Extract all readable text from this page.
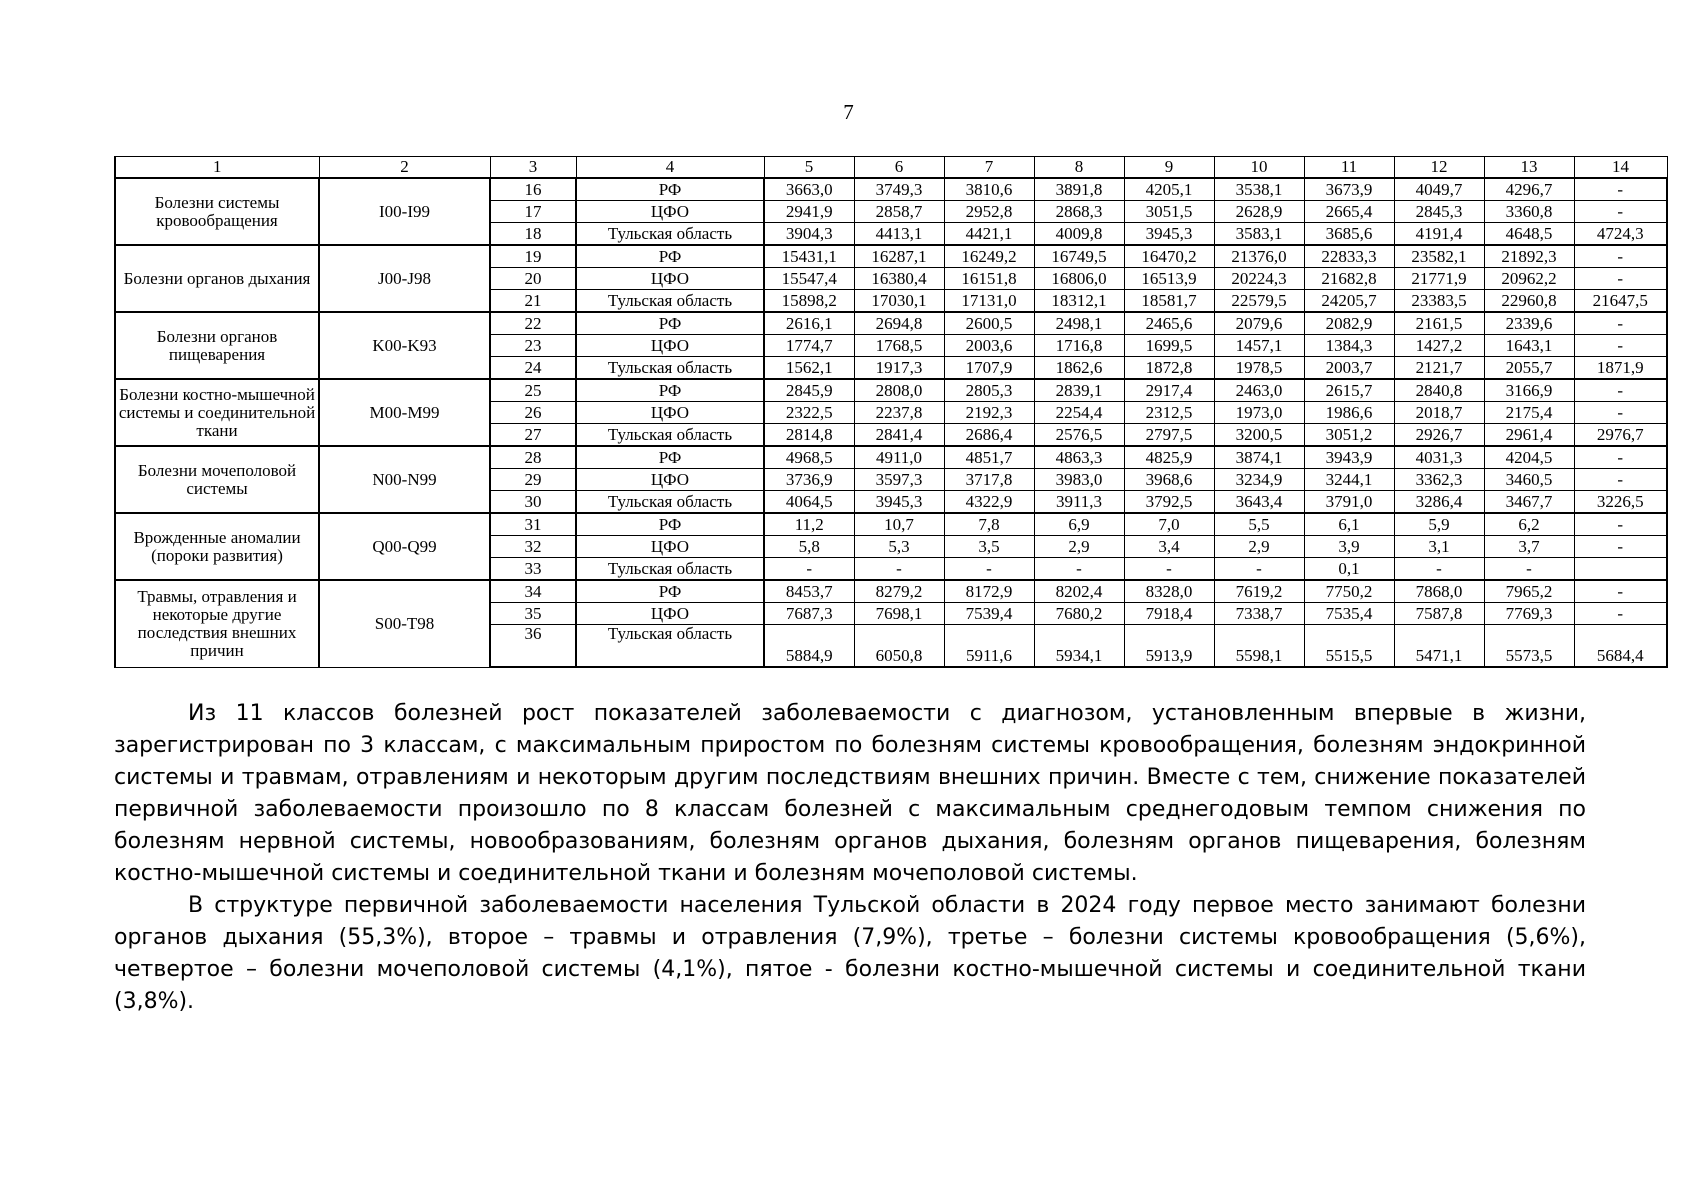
7
1	2	3	4	5	6	7	8	9	10	11	12	13	14
Болезни системы кровообращения	I00-I99	16	РФ	3663,0	3749,3	3810,6	3891,8	4205,1	3538,1	3673,9	4049,7	4296,7	-
		17	ЦФО	2941,9	2858,7	2952,8	2868,3	3051,5	2628,9	2665,4	2845,3	3360,8	-
		18	Тульская область	3904,3	4413,1	4421,1	4009,8	3945,3	3583,1	3685,6	4191,4	4648,5	4724,3
Болезни органов дыхания	J00-J98	19	РФ	15431,1	16287,1	16249,2	16749,5	16470,2	21376,0	22833,3	23582,1	21892,3	-
		20	ЦФО	15547,4	16380,4	16151,8	16806,0	16513,9	20224,3	21682,8	21771,9	20962,2	-
		21	Тульская область	15898,2	17030,1	17131,0	18312,1	18581,7	22579,5	24205,7	23383,5	22960,8	21647,5
Болезни органов пищеварения	K00-K93	22	РФ	2616,1	2694,8	2600,5	2498,1	2465,6	2079,6	2082,9	2161,5	2339,6	-
		23	ЦФО	1774,7	1768,5	2003,6	1716,8	1699,5	1457,1	1384,3	1427,2	1643,1	-
		24	Тульская область	1562,1	1917,3	1707,9	1862,6	1872,8	1978,5	2003,7	2121,7	2055,7	1871,9
Болезни костно-мышечной системы и соединительной ткани	M00-M99	25	РФ	2845,9	2808,0	2805,3	2839,1	2917,4	2463,0	2615,7	2840,8	3166,9	-
		26	ЦФО	2322,5	2237,8	2192,3	2254,4	2312,5	1973,0	1986,6	2018,7	2175,4	-
		27	Тульская область	2814,8	2841,4	2686,4	2576,5	2797,5	3200,5	3051,2	2926,7	2961,4	2976,7
Болезни мочеполовой системы	N00-N99	28	РФ	4968,5	4911,0	4851,7	4863,3	4825,9	3874,1	3943,9	4031,3	4204,5	-
		29	ЦФО	3736,9	3597,3	3717,8	3983,0	3968,6	3234,9	3244,1	3362,3	3460,5	-
		30	Тульская область	4064,5	3945,3	4322,9	3911,3	3792,5	3643,4	3791,0	3286,4	3467,7	3226,5
Врожденные аномалии (пороки развития)	Q00-Q99	31	РФ	11,2	10,7	7,8	6,9	7,0	5,5	6,1	5,9	6,2	-
		32	ЦФО	5,8	5,3	3,5	2,9	3,4	2,9	3,9	3,1	3,7	-
		33	Тульская область	-	-	-	-	-	-	0,1	-	-	
Травмы, отравления и некоторые другие последствия внешних причин	S00-T98	34	РФ	8453,7	8279,2	8172,9	8202,4	8328,0	7619,2	7750,2	7868,0	7965,2	-
		35	ЦФО	7687,3	7698,1	7539,4	7680,2	7918,4	7338,7	7535,4	7587,8	7769,3	-
		36	Тульская область	5884,9	6050,8	5911,6	5934,1	5913,9	5598,1	5515,5	5471,1	5573,5	5684,4

Из 11 классов болезней рост показателей заболеваемости с диагнозом, установленным впервые в жизни, зарегистрирован по 3 классам, с максимальным приростом по болезням системы кровообращения, болезням эндокринной системы и травмам, отравлениям и некоторым другим последствиям внешних причин. Вместе с тем, снижение показателей первичной заболеваемости произошло по 8 классам болезней с максимальным среднегодовым темпом снижения по болезням нервной системы, новообразованиям, болезням органов дыхания, болезням органов пищеварения, болезням костно-мышечной системы и соединительной ткани и болезням мочеполовой системы.

В структуре первичной заболеваемости населения Тульской области в 2024 году первое место занимают болезни органов дыхания (55,3%), второе – травмы и отравления (7,9%), третье – болезни системы кровообращения (5,6%), четвертое – болезни мочеполовой системы (4,1%), пятое - болезни костно-мышечной системы и соединительной ткани (3,8%).
